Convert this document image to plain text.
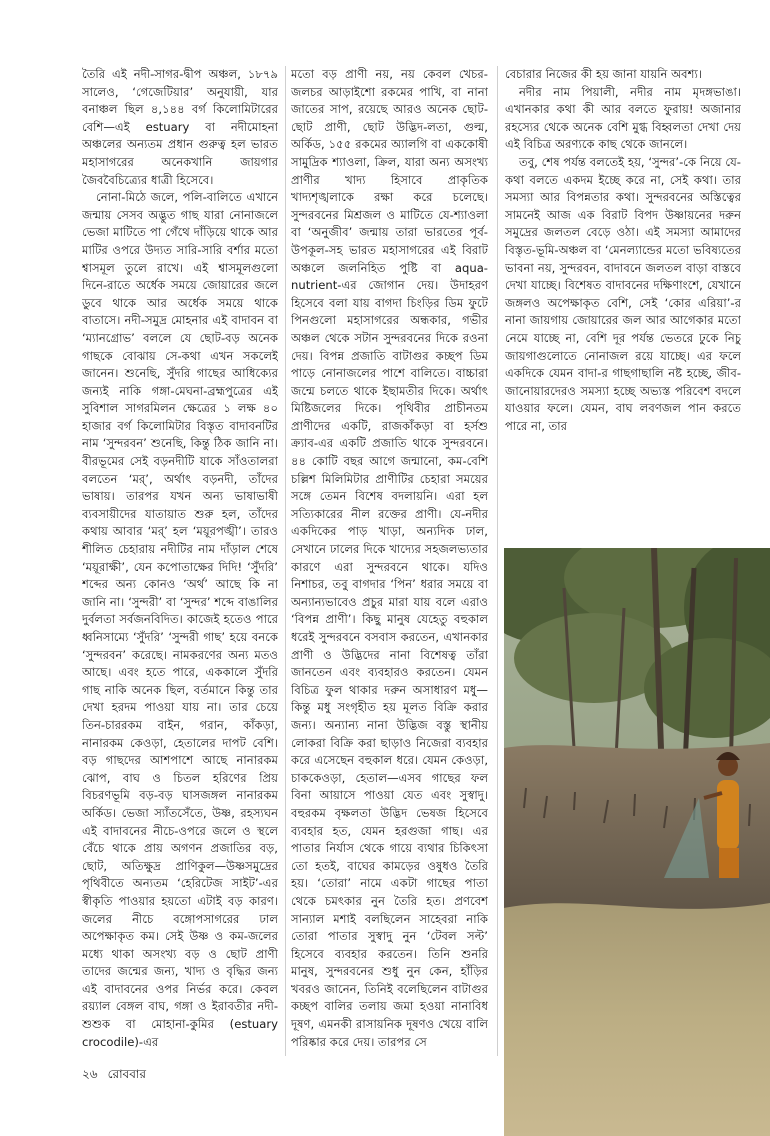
তৈরি এই নদী-সাগর-দ্বীপ অঞ্চল, ১৮৭৯ সালেও, ‘গেজেটিয়ার’ অনুযায়ী, যার বনাঞ্চল ছিল ৪,১৪৪ বর্গ কিলোমিটারের বেশি—এই estuary বা নদীমোহনা অঞ্চলের অন্যতম প্রধান গুরুত্ব হল ভারত মহাসাগরের অনেকখানি জায়গার জৈববৈচিত্র্যের ধাত্রী হিসেবে।

নোনা-মিঠে জলে, পলি-বালিতে এখানে জন্মায় সেসব অদ্ভুত গাছ যারা নোনাজলে ভেজা মাটিতে পা গেঁথে দাঁড়িয়ে থাকে আর মাটির ওপরে উদ্যত সারি-সারি বর্শার মতো শ্বাসমূল তুলে রাখে। এই শ্বাসমূলগুলো দিনে-রাতে অর্ধেক সময়ে জোয়ারের জলে ডুবে থাকে আর অর্ধেক সময়ে থাকে বাতাসে। নদী-সমুদ্র মোহনার এই বাদাবন বা ‘ম্যানগ্রোভ’ বললে যে ছোট-বড় অনেক গাছকে বোঝায় সে-কথা এখন সকলেই জানেন। শুনেছি, সুঁদরি গাছের আধিক্যের জন্যই নাকি গঙ্গা-মেঘনা-ব্রহ্মপুত্রের এই সুবিশাল সাগরমিলন ক্ষেত্রের ১ লক্ষ ৪০ হাজার বর্গ কিলোমিটার বিস্তৃত বাদাবনটির নাম ‘সুন্দরবন’ শুনেছি, কিন্তু ঠিক জানি না। বীরভূমের সেই বড়নদীটি যাকে সাঁওতালরা বলতেন ‘মর্’, অর্থাৎ বড়নদী, তাঁদের ভাষায়। তারপর যখন অন্য ভাষাভাষী ব্যবসায়ীদের যাতায়াত শুরু হল, তাঁদের কথায় আবার ‘মর্’ হল ‘ময়ূরপঙ্খী’। তারও শীলিত চেহারায় নদীটির নাম দাঁড়াল শেষে ‘ময়ূরাক্ষী’, যেন কপোতাক্ষের দিদি! ‘সুঁদরি’ শব্দের অন্য কোনও ‘অর্থ’ আছে কি না জানি না। ‘সুন্দরী’ বা ‘সুন্দর’ শব্দে বাঙালির দুর্বলতা সর্বজনবিদিত। কাজেই হতেও পারে ধ্বনিসাম্যে ‘সুঁদরি’ ‘সুন্দরী গাছ’ হয়ে বনকে ‘সুন্দরবন’ করেছে। নামকরণের অন্য মতও আছে। এবং হতে পারে, এককালে সুঁদরি গাছ নাকি অনেক ছিল, বর্তমানে কিন্তু তার দেখা হরদম পাওয়া যায় না। তার চেয়ে তিন-চাররকম বাইন, গরান, কাঁকড়া, নানারকম কেওড়া, হেতালের দাপট বেশি। বড় গাছদের আশপাশে আছে নানারকম ঝোপ, বাঘ ও চিতল হরিণের প্রিয় বিচরণভূমি বড়-বড় ঘাসজঙ্গল নানারকম অর্কিড। ভেজা স্যাঁতসেঁতে, উষ্ণ, রহস্যঘন এই বাদাবনের নীচে-ওপরে জলে ও স্থলে বেঁচে থাকে প্রায় অগণন প্রজাতির বড়, ছোট, অতিক্ষুদ্র প্রাণিকুল—উষ্ণসমুদ্রের পৃথিবীতে অন্যতম ‘হেরিটেজ সাইট’-এর স্বীকৃতি পাওয়ার হয়তো এটাই বড় কারণ। জলের নীচে বঙ্গোপসাগরের ঢাল অপেক্ষাকৃত কম। সেই উষ্ণ ও কম-জলের মধ্যে থাকা অসংখ্য বড় ও ছোট প্রাণী তাদের জন্মের জন্য, খাদ্য ও বৃদ্ধির জন্য এই বাদাবনের ওপর নির্ভর করে। কেবল রয়্যাল বেঙ্গল বাঘ, গঙ্গা ও ইরাবতীর নদী-শুশুক বা মোহানা-কুমির (estuary crocodile)-এর

মতো বড় প্রাণী নয়, নয় কেবল খেচর-জলচর আড়াইশো রকমের পাখি, বা নানা জাতের সাপ, রয়েছে আরও অনেক ছোট-ছোট প্রাণী, ছোট উদ্ভিদ-লতা, গুল্ম, অর্কিড, ১৫৫ রকমের অ্যালগি বা এককোষী সামুদ্রিক শ্যাওলা, ক্রিল, যারা অন্য অসংখ্য প্রাণীর খাদ্য হিসাবে প্রাকৃতিক খাদ্যশৃঙ্খলাকে রক্ষা করে চলেছে। সুন্দরবনের মিশ্রজল ও মাটিতে যে-শ্যাওলা বা ‘অনুজীব’ জন্মায় তারা ভারতের পূর্ব-উপকূল-সহ ভারত মহাসাগরের এই বিরাট অঞ্চলে জলনিহিত পুষ্টি বা aqua-nutrient-এর জোগান দেয়। উদাহরণ হিসেবে বলা যায় বাগদা চিংড়ির ডিম ফুটে পিনগুলো মহাসাগরের অন্ধকার, গভীর অঞ্চল থেকে সটান সুন্দরবনের দিকে রওনা দেয়। বিপন্ন প্রজাতি বাটাগুর কচ্ছপ ডিম পাড়ে নোনাজলের পাশে বালিতে। বাচ্চারা জন্মে চলতে থাকে ইছামতীর দিকে। অর্থাৎ মিষ্টিজলের দিকে। পৃথিবীর প্রাচীনতম প্রাণীদের একটি, রাজকাঁকড়া বা হর্সশু ক্র্যাব-এর একটি প্রজাতি থাকে সুন্দরবনে। ৪৪ কোটি বছর আগে জন্মানো, কম-বেশি চল্লিশ মিলিমিটার প্রাণীটির চেহারা সময়ের সঙ্গে তেমন বিশেষ বদলায়নি। এরা হল সত্যিকারের নীল রক্তের প্রাণী। যে-নদীর একদিকের পাড় খাড়া, অন্যদিক ঢাল, সেখানে ঢালের দিকে খাদ্যের সহজলভ্যতার কারণে এরা সুন্দরবনে থাকে। যদিও নিশাচর, তবু বাগদার ‘পিন’ ধরার সময়ে বা অন্যান্যভাবেও প্রচুর মারা যায় বলে এরাও ‘বিপন্ন প্রাণী’। কিছু মানুষ যেহেতু বহুকাল ধরেই সুন্দরবনে বসবাস করতেন, এখানকার প্রাণী ও উদ্ভিদের নানা বিশেষত্ব তাঁরা জানতেন এবং ব্যবহারও করতেন। যেমন বিচিত্র ফুল থাকার দরুন অসাধারণ মধু—কিন্তু মধু সংগৃহীত হয় মূলত বিক্রি করার জন্য। অন্যান্য নানা উদ্ভিজ বস্তু স্থানীয় লোকরা বিক্রি করা ছাড়াও নিজেরা ব্যবহার করে এসেছেন বহুকাল ধরে। যেমন কেওড়া, চাককেওড়া, হেতাল—এসব গাছের ফল বিনা আয়াসে পাওয়া যেত এবং সুস্বাদু। বহুরকম বৃক্ষলতা উদ্ভিদ ভেষজ হিসেবে ব্যবহার হত, যেমন হরগুজা গাছ। এর পাতার নির্যাস থেকে গায়ে ব্যথার চিকিৎসা তো হতই, বাঘের কামড়ের ওষুধও তৈরি হয়। ‘তোরা’ নামে একটা গাছের পাতা থেকে চমৎকার নুন তৈরি হত। প্রণবেশ সান্যাল মশাই বলছিলেন সাহেবরা নাকি তোরা পাতার সুস্বাদু নুন ‘টেবল সল্ট’ হিসেবে ব্যবহার করতেন। তিনি শুনরি মানুষ, সুন্দরবনের শুধু নুন কেন, হাঁড়ির খবরও জানেন, তিনিই বলেছিলেন বাটাগুর কচ্ছপ বালির তলায় জমা হওয়া নানাবিধ দূষণ, এমনকী রাসায়নিক দূষণও খেয়ে বালি পরিষ্কার করে দেয়। তারপর সে

বেচারার নিজের কী হয় জানা যায়নি অবশ্য।

নদীর নাম পিয়ালী, নদীর নাম মৃদঙ্গভাঙা। এখানকার কথা কী আর বলতে ফুরায়! অজানার রহস্যের থেকে অনেক বেশি মুগ্ধ বিহ্বলতা দেখা দেয় এই বিচিত্র অরণ্যকে কাছ থেকে জানলে।

তবু, শেষ পর্যন্ত বলতেই হয়, ‘সুন্দর’-কে নিয়ে যে-কথা বলতে একদম ইচ্ছে করে না, সেই কথা। তার সমস্যা আর বিপন্নতার কথা। সুন্দরবনের অস্তিত্বের সামনেই আজ এক বিরাট বিপদ উষ্ণায়নের দরুন সমুদ্রের জলতল বেড়ে ওঠা। এই সমস্যা আমাদের বিস্তৃত-ভূমি-অঞ্চল বা ‘মেনল্যান্ডের মতো ভবিষ্যতের ভাবনা নয়, সুন্দরবন, বাদাবনে জলতল বাড়া বাস্তবে দেখা যাচ্ছে। বিশেষত বাদাবনের দক্ষিণাংশে, যেখানে জঙ্গলও অপেক্ষাকৃত বেশি, সেই ‘কোর এরিয়া’-র নানা জায়গায় জোয়ারের জল আর আগেকার মতো নেমে যাচ্ছে না, বেশি দূর পর্যন্ত ভেতরে ঢুকে নিচু জায়গাগুলোতে নোনাজল রয়ে যাচ্ছে। এর ফলে একদিকে যেমন বাদা-র গাছগাছালি নষ্ট হচ্ছে, জীব-জানোয়ারদেরও সমস্যা হচ্ছে অভ্যস্ত পরিবেশ বদলে যাওয়ার ফলে। যেমন, বাঘ লবণজল পান করতে পারে না, তার

২৬ রোববার
